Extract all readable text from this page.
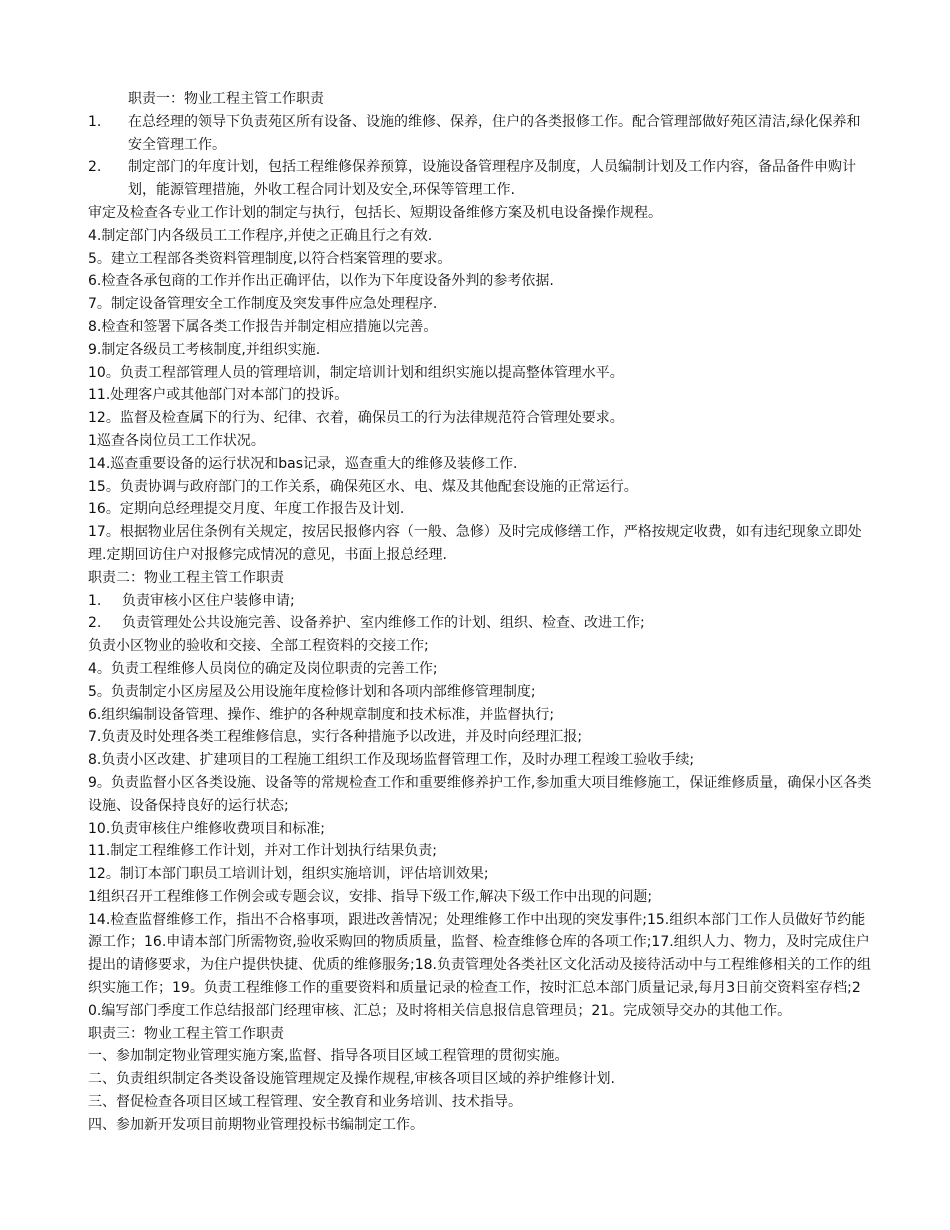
职责一：物业工程主管工作职责
1.	在总经理的领导下负责苑区所有设备、设施的维修、保养，住户的各类报修工作。配合管理部做好苑区清洁,绿化保养和安全管理工作。
2.	制定部门的年度计划，包括工程维修保养预算，设施设备管理程序及制度，人员编制计划及工作内容，备品备件申购计划，能源管理措施，外收工程合同计划及安全,环保等管理工作.
审定及检查各专业工作计划的制定与执行，包括长、短期设备维修方案及机电设备操作规程。
4.制定部门内各级员工工作程序,并使之正确且行之有效.
5。建立工程部各类资料管理制度,以符合档案管理的要求。
6.检查各承包商的工作并作出正确评估，以作为下年度设备外判的参考依据.
7。制定设备管理安全工作制度及突发事件应急处理程序.
8.检查和签署下属各类工作报告并制定相应措施以完善。
9.制定各级员工考核制度,并组织实施.
10。负责工程部管理人员的管理培训，制定培训计划和组织实施以提高整体管理水平。
11.处理客户或其他部门对本部门的投诉。
12。监督及检查属下的行为、纪律、衣着，确保员工的行为法律规范符合管理处要求。
1巡查各岗位员工工作状况。
14.巡查重要设备的运行状况和bas记录，巡查重大的维修及装修工作.
15。负责协调与政府部门的工作关系，确保苑区水、电、煤及其他配套设施的正常运行。
16。定期向总经理提交月度、年度工作报告及计划.
17。根据物业居住条例有关规定，按居民报修内容（一般、急修）及时完成修缮工作，严格按规定收费，如有违纪现象立即处理.定期回访住户对报修完成情况的意见，书面上报总经理.
职责二：物业工程主管工作职责
1.	负责审核小区住户装修申请;
2.	负责管理处公共设施完善、设备养护、室内维修工作的计划、组织、检查、改进工作;
负责小区物业的验收和交接、全部工程资料的交接工作;
4。负责工程维修人员岗位的确定及岗位职责的完善工作;
5。负责制定小区房屋及公用设施年度检修计划和各项内部维修管理制度;
6.组织编制设备管理、操作、维护的各种规章制度和技术标准，并监督执行;
7.负责及时处理各类工程维修信息，实行各种措施予以改进，并及时向经理汇报;
8.负责小区改建、扩建项目的工程施工组织工作及现场监督管理工作，及时办理工程竣工验收手续;
9。负责监督小区各类设施、设备等的常规检查工作和重要维修养护工作,参加重大项目维修施工，保证维修质量，确保小区各类设施、设备保持良好的运行状态;
10.负责审核住户维修收费项目和标准;
11.制定工程维修工作计划，并对工作计划执行结果负责;
12。制订本部门职员工培训计划，组织实施培训，评估培训效果;
1组织召开工程维修工作例会或专题会议，安排、指导下级工作,解决下级工作中出现的问题;
14.检查监督维修工作，指出不合格事项，跟进改善情况；处理维修工作中出现的突发事件;15.组织本部门工作人员做好节约能源工作；16.申请本部门所需物资,验收采购回的物质质量，监督、检查维修仓库的各项工作;17.组织人力、物力，及时完成住户提出的请修要求，为住户提供快捷、优质的维修服务;18.负责管理处各类社区文化活动及接待活动中与工程维修相关的工作的组织实施工作；19。负责工程维修工作的重要资料和质量记录的检查工作，按时汇总本部门质量记录,每月3日前交资料室存档;20.编写部门季度工作总结报部门经理审核、汇总；及时将相关信息报信息管理员；21。完成领导交办的其他工作。
职责三：物业工程主管工作职责
一、参加制定物业管理实施方案,监督、指导各项目区域工程管理的贯彻实施。
二、负责组织制定各类设备设施管理规定及操作规程,审核各项目区域的养护维修计划.
三、督促检查各项目区域工程管理、安全教育和业务培训、技术指导。
四、参加新开发项目前期物业管理投标书编制定工作。
